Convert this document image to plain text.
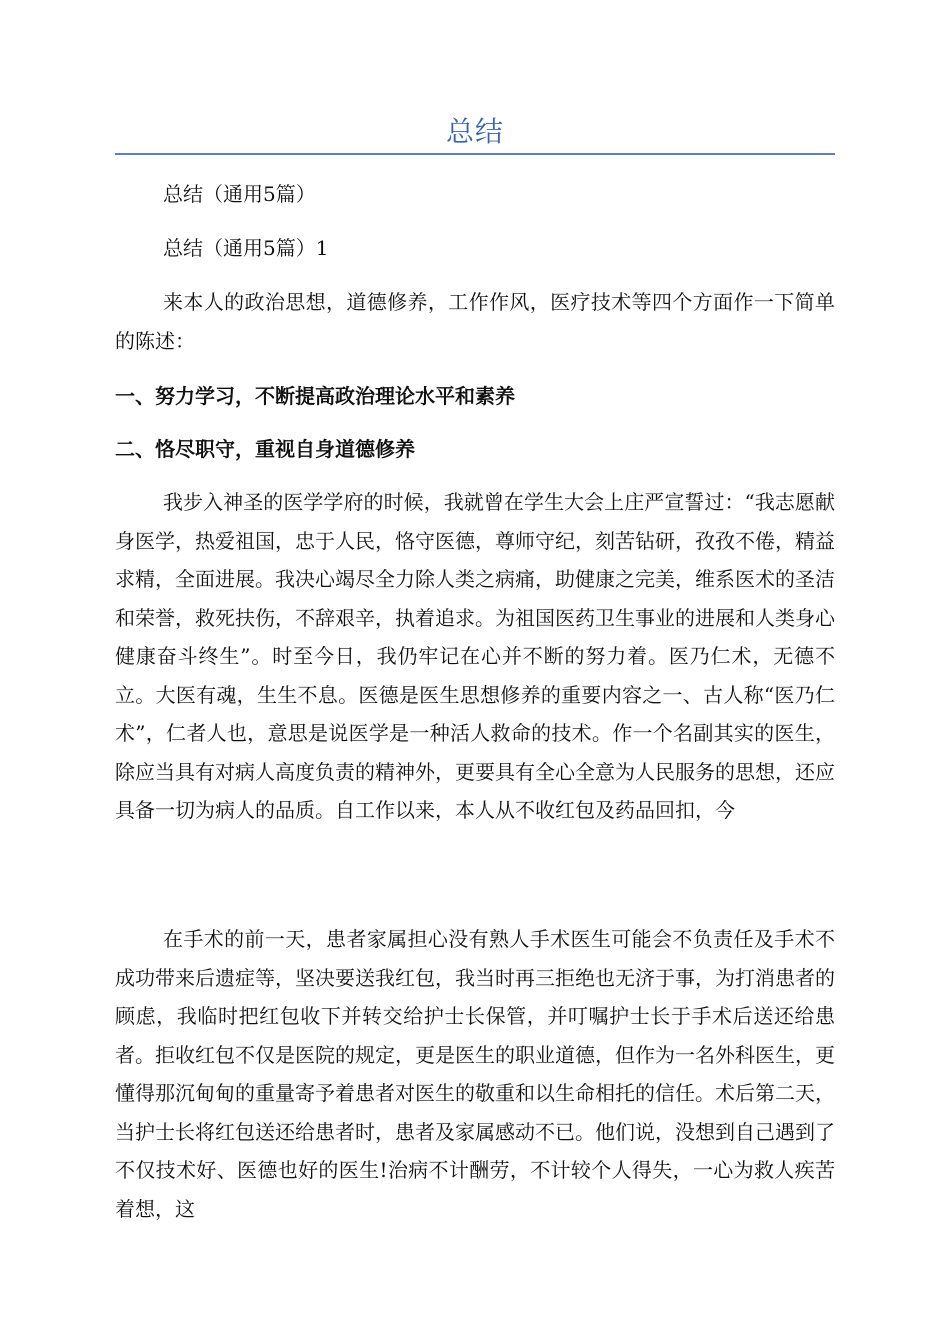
总结

总结（通用5篇）

总结（通用5篇）1

来本人的政治思想，道德修养，工作作风，医疗技术等四个方面作一下简单的陈述：

一、努力学习，不断提高政治理论水平和素养

二、恪尽职守，重视自身道德修养

我步入神圣的医学学府的时候，我就曾在学生大会上庄严宣誓过：“我志愿献身医学，热爱祖国，忠于人民，恪守医德，尊师守纪，刻苦钻研，孜孜不倦，精益求精，全面进展。我决心竭尽全力除人类之病痛，助健康之完美，维系医术的圣洁和荣誉，救死扶伤，不辞艰辛，执着追求。为祖国医药卫生事业的进展和人类身心健康奋斗终生”。时至今日，我仍牢记在心并不断的努力着。医乃仁术，无德不立。大医有魂，生生不息。医德是医生思想修养的重要内容之一、古人称“医乃仁术”，仁者人也，意思是说医学是一种活人救命的技术。作一个名副其实的医生，除应当具有对病人高度负责的精神外，更要具有全心全意为人民服务的思想，还应具备一切为病人的品质。自工作以来，本人从不收红包及药品回扣，今

在手术的前一天，患者家属担心没有熟人手术医生可能会不负责任及手术不成功带来后遗症等，坚决要送我红包，我当时再三拒绝也无济于事，为打消患者的顾虑，我临时把红包收下并转交给护士长保管，并叮嘱护士长于手术后送还给患者。拒收红包不仅是医院的规定，更是医生的职业道德，但作为一名外科医生，更懂得那沉甸甸的重量寄予着患者对医生的敬重和以生命相托的信任。术后第二天，当护士长将红包送还给患者时，患者及家属感动不已。他们说，没想到自己遇到了不仅技术好、医德也好的医生!治病不计酬劳，不计较个人得失，一心为救人疾苦着想，这
